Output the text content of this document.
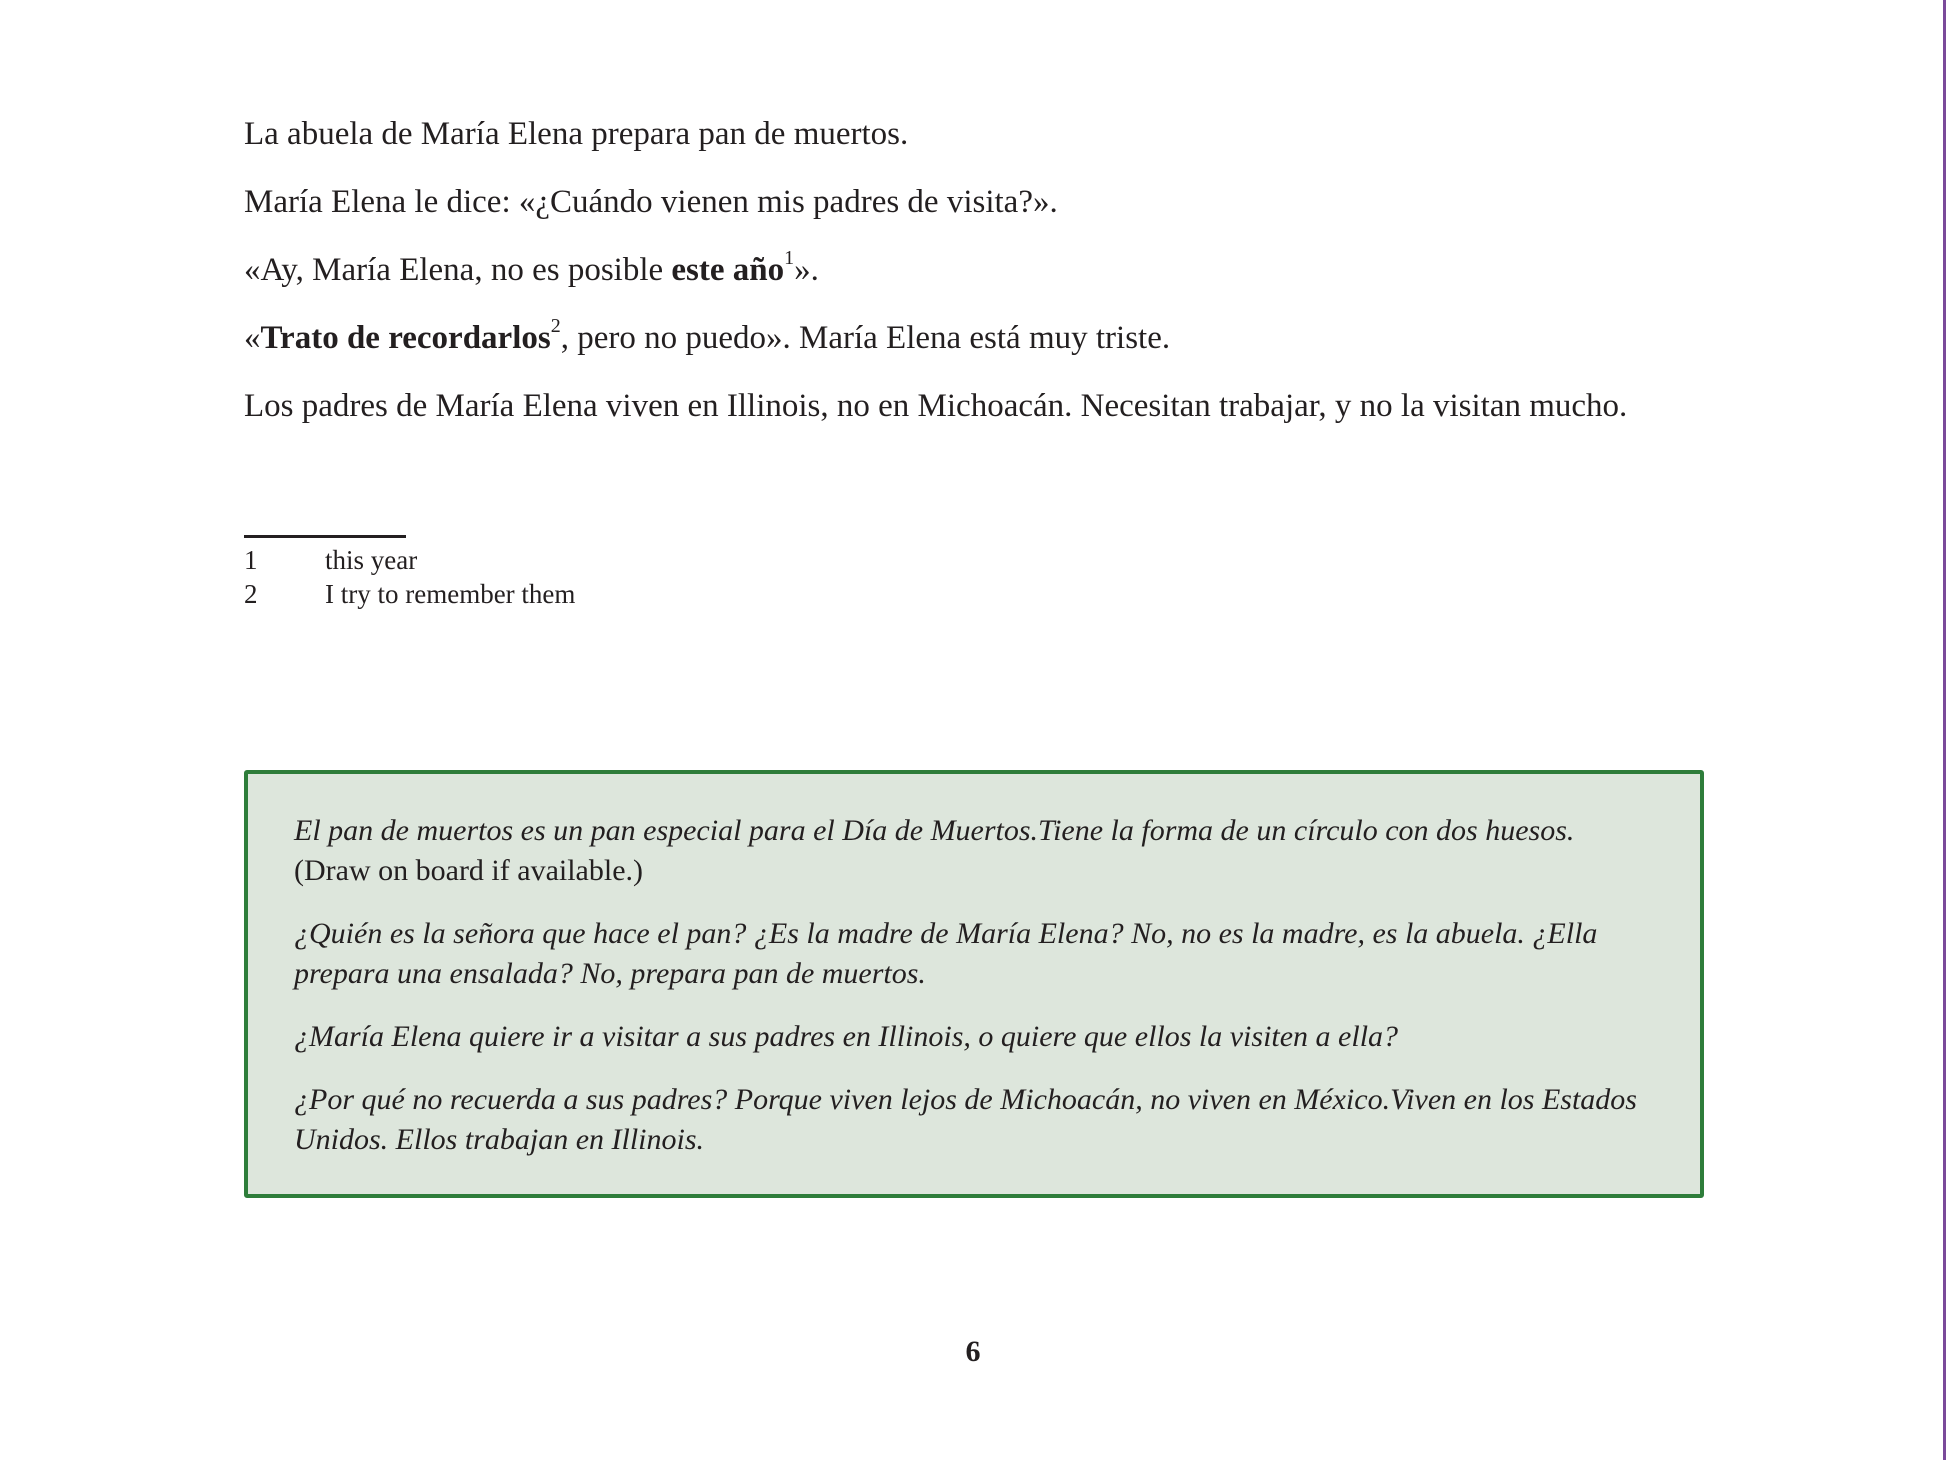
La abuela de María Elena prepara pan de muertos.

María Elena le dice: «¿Cuándo vienen mis padres de visita?».

«Ay, María Elena, no es posible este año$^1$».

«Trato de recordarlos$^2$, pero no puedo». María Elena está muy triste.

Los padres de María Elena viven en Illinois, no en Michoacán. Necesitan trabajar, y no la visitan mucho.

1	this year
2	I try to remember them

El pan de muertos es un pan especial para el Día de Muertos.Tiene la forma de un círculo con dos huesos.
(Draw on board if available.)

¿Quién es la señora que hace el pan? ¿Es la madre de María Elena? No, no es la madre, es la abuela. ¿Ella prepara una ensalada? No, prepara pan de muertos.

¿María Elena quiere ir a visitar a sus padres en Illinois, o quiere que ellos la visiten a ella?

¿Por qué no recuerda a sus padres? Porque viven lejos de Michoacán, no viven en México.Viven en los Estados Unidos. Ellos trabajan en Illinois.

6
